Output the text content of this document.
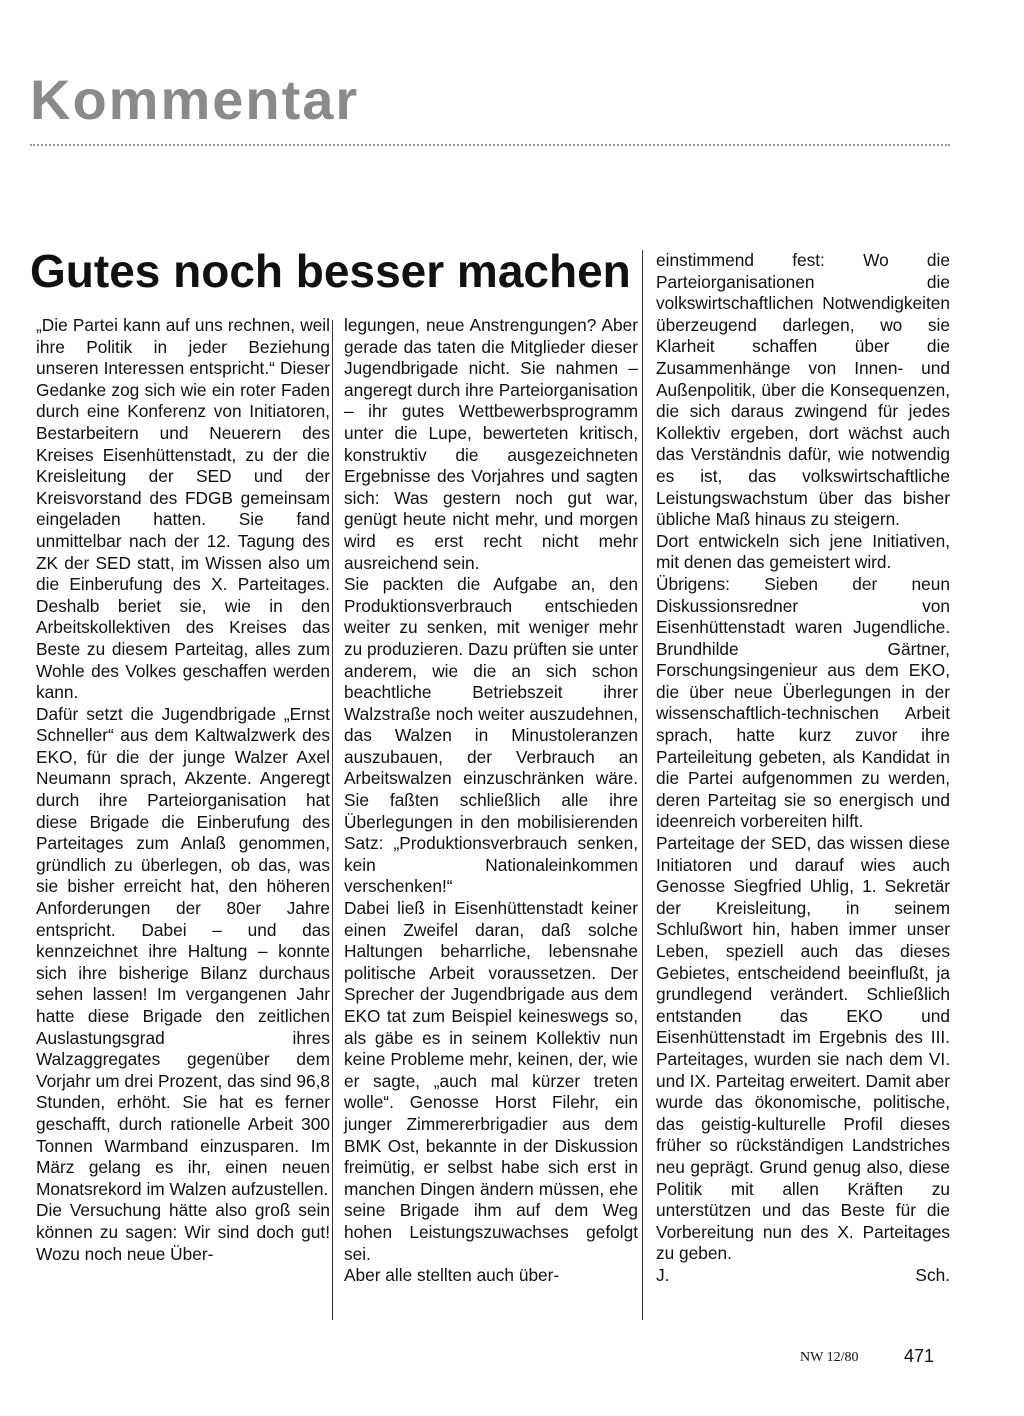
Kommentar
Gutes noch besser machen

„Die Partei kann auf uns rechnen, weil ihre Politik in jeder Beziehung unseren Interessen entspricht.“ Dieser Gedanke zog sich wie ein roter Faden durch eine Konferenz von Initiatoren, Bestarbeitern und Neuerern des Kreises Eisenhüttenstadt, zu der die Kreisleitung der SED und der Kreisvorstand des FDGB gemeinsam eingeladen hatten. Sie fand unmittelbar nach der 12. Tagung des ZK der SED statt, im Wissen also um die Einberufung des X. Parteitages. Deshalb beriet sie, wie in den Arbeitskollektiven des Kreises das Beste zu diesem Parteitag, alles zum Wohle des Volkes geschaffen werden kann.

Dafür setzt die Jugendbrigade „Ernst Schneller“ aus dem Kaltwalzwerk des EKO, für die der junge Walzer Axel Neumann sprach, Akzente. Angeregt durch ihre Parteiorganisation hat diese Brigade die Einberufung des Parteitages zum Anlaß genommen, gründlich zu überlegen, ob das, was sie bisher erreicht hat, den höheren Anforderungen der 80er Jahre entspricht. Dabei – und das kennzeichnet ihre Haltung – konnte sich ihre bisherige Bilanz durchaus sehen lassen! Im vergangenen Jahr hatte diese Brigade den zeitlichen Auslastungsgrad ihres Walzaggregates gegenüber dem Vorjahr um drei Prozent, das sind 96,8 Stunden, erhöht. Sie hat es ferner geschafft, durch rationelle Arbeit 300 Tonnen Warmband einzusparen. Im März gelang es ihr, einen neuen Monatsrekord im Walzen aufzustellen.

Die Versuchung hätte also groß sein können zu sagen: Wir sind doch gut! Wozu noch neue Über-

legungen, neue Anstrengungen? Aber gerade das taten die Mitglieder dieser Jugendbrigade nicht. Sie nahmen – angeregt durch ihre Parteiorganisation – ihr gutes Wettbewerbsprogramm unter die Lupe, bewerteten kritisch, konstruktiv die ausgezeichneten Ergebnisse des Vorjahres und sagten sich: Was gestern noch gut war, genügt heute nicht mehr, und morgen wird es erst recht nicht mehr ausreichend sein.

Sie packten die Aufgabe an, den Produktionsverbrauch entschieden weiter zu senken, mit weniger mehr zu produzieren. Dazu prüften sie unter anderem, wie die an sich schon beachtliche Betriebszeit ihrer Walzstraße noch weiter auszudehnen, das Walzen in Minustoleranzen auszubauen, der Verbrauch an Arbeitswalzen einzuschränken wäre. Sie faßten schließlich alle ihre Überlegungen in den mobilisierenden Satz: „Produktionsverbrauch senken, kein Nationaleinkommen verschenken!“

Dabei ließ in Eisenhüttenstadt keiner einen Zweifel daran, daß solche Haltungen beharrliche, lebensnahe politische Arbeit voraussetzen. Der Sprecher der Jugendbrigade aus dem EKO tat zum Beispiel keineswegs so, als gäbe es in seinem Kollektiv nun keine Probleme mehr, keinen, der, wie er sagte, „auch mal kürzer treten wolle“. Genosse Horst Filehr, ein junger Zimmererbrigadier aus dem BMK Ost, bekannte in der Diskussion freimütig, er selbst habe sich erst in manchen Dingen ändern müssen, ehe seine Brigade ihm auf dem Weg hohen Leistungszuwachses gefolgt sei.

Aber alle stellten auch über-

einstimmend fest: Wo die Parteiorganisationen die volkswirtschaftlichen Notwendigkeiten überzeugend darlegen, wo sie Klarheit schaffen über die Zusammenhänge von Innen- und Außenpolitik, über die Konsequenzen, die sich daraus zwingend für jedes Kollektiv ergeben, dort wächst auch das Verständnis dafür, wie notwendig es ist, das volkswirtschaftliche Leistungswachstum über das bisher übliche Maß hinaus zu steigern.

Dort entwickeln sich jene Initiativen, mit denen das gemeistert wird.

Übrigens: Sieben der neun Diskussionsredner von Eisenhüttenstadt waren Jugendliche. Brundhilde Gärtner, Forschungsingenieur aus dem EKO, die über neue Überlegungen in der wissenschaftlich-technischen Arbeit sprach, hatte kurz zuvor ihre Parteileitung gebeten, als Kandidat in die Partei aufgenommen zu werden, deren Parteitag sie so energisch und ideenreich vorbereiten hilft.

Parteitage der SED, das wissen diese Initiatoren und darauf wies auch Genosse Siegfried Uhlig, 1. Sekretär der Kreisleitung, in seinem Schlußwort hin, haben immer unser Leben, speziell auch das dieses Gebietes, entscheidend beeinflußt, ja grundlegend verändert. Schließlich entstanden das EKO und Eisenhüttenstadt im Ergebnis des III. Parteitages, wurden sie nach dem VI. und IX. Parteitag erweitert. Damit aber wurde das ökonomische, politische, das geistig-kulturelle Profil dieses früher so rückständigen Landstriches neu geprägt. Grund genug also, diese Politik mit allen Kräften zu unterstützen und das Beste für die Vorbereitung nun des X. Parteitages zu geben.

J. Sch.

NW 12/80	471
